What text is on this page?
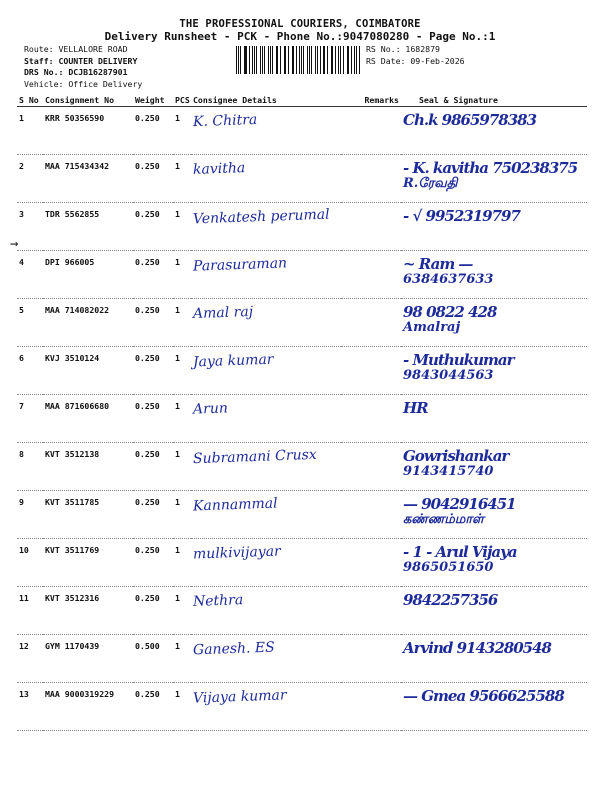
THE PROFESSIONAL COURIERS, COIMBATORE
Delivery Runsheet - PCK - Phone No.:9047080280 - Page No.:1
Route: VELLALORE ROAD
Staff: COUNTER DELIVERY
DRS No.: DCJB16287901
Vehicle: Office Delivery
RS No.: 1682879
RS Date: 09-Feb-2026
→
S No	Consignment No	Weight	PCS	Consignee Details	Remarks	Seal & Signature
1	KRR 50356590	0.250	1	K. Chitra		Ch.k 9865978383

2	MAA 715434342	0.250	1	kavitha		- K. kavitha 750238375
R.ரேவதி

3	TDR 5562855	0.250	1	Venkatesh perumal		- √ 9952319797

4	DPI 966005	0.250	1	Parasuraman		~ Ram —
6384637633

5	MAA 714082022	0.250	1	Amal raj		98 0822 428
Amalraj

6	KVJ 3510124	0.250	1	Jaya kumar		- Muthukumar
9843044563

7	MAA 871606680	0.250	1	Arun		HR

8	KVT 3512138	0.250	1	Subramani Crusx		Gowrishankar
9143415740

9	KVT 3511785	0.250	1	Kannammal		— 9042916451
கண்ணம்மாள்

10	KVT 3511769	0.250	1	mulkivijayar		- 1 - Arul Vijaya
9865051650

11	KVT 3512316	0.250	1	Nethra		9842257356

12	GYM 1170439	0.500	1	Ganesh. ES		Arvind 9143280548

13	MAA 9000319229	0.250	1	Vijaya kumar		— Gmea 9566625588
